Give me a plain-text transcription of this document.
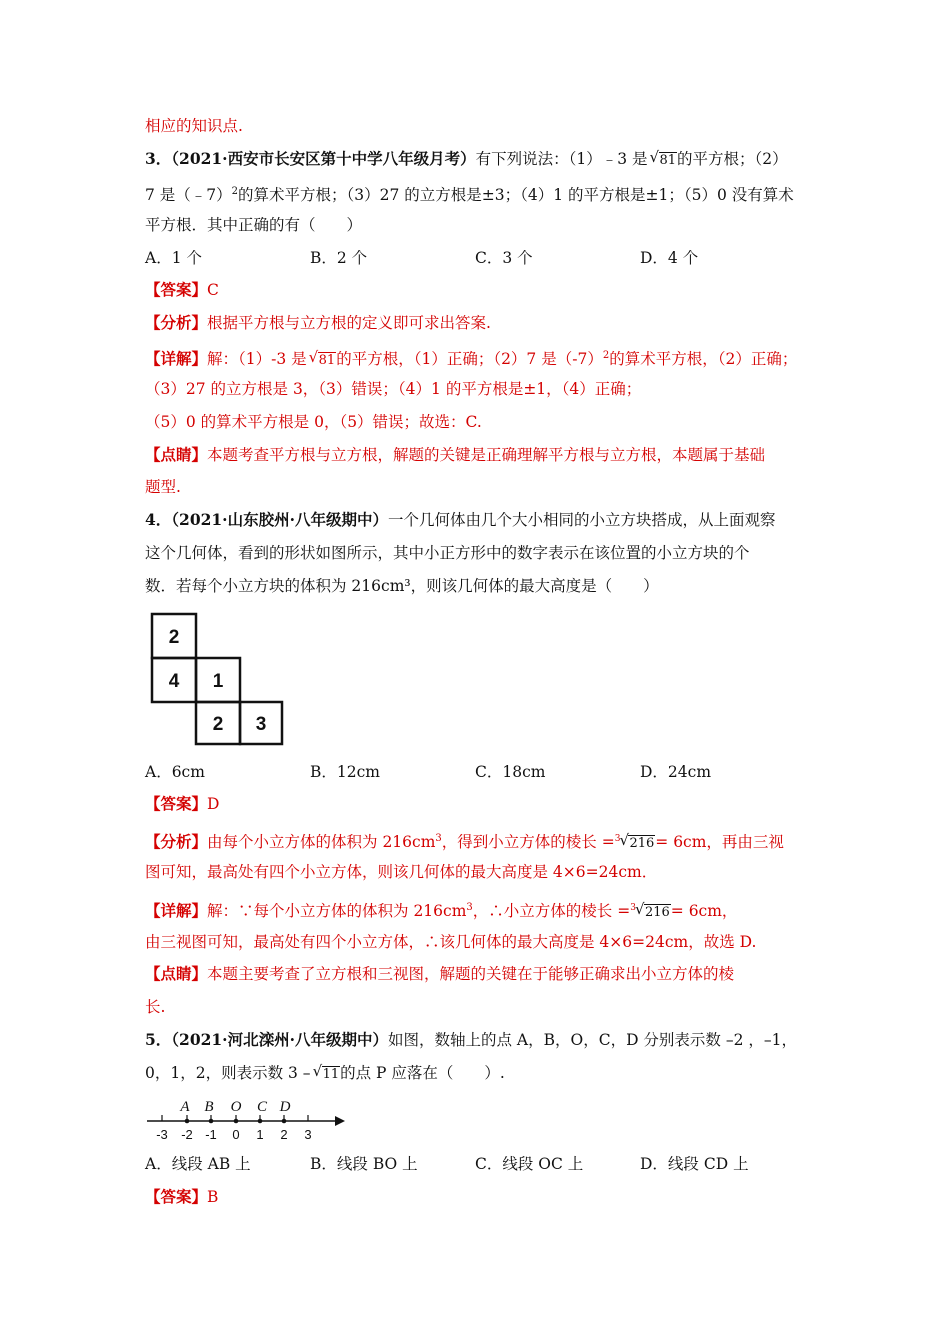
相应的知识点.
3．（2021·西安市长安区第十中学八年级月考）有下列说法：（1）﹣3 是 √ 81的平方根；（2）
7 是（﹣7）$^2$的算术平方根；（3）27 的立方根是±3；（4）1 的平方根是±1；（5）0 没有算术
平方根．其中正确的有（　　）
A．1 个	B．2 个	C．3 个	D．4 个
【答案】C
【分析】根据平方根与立方根的定义即可求出答案.
【详解】解：（1）-3 是 √ 81的平方根，（1）正确；（2）7 是$(-7)^2$的算术平方根，（2）正确；
（3）27 的立方根是 3，（3）错误；（4）1 的平方根是±1，（4）正确；
（5）0 的算术平方根是 0，（5）错误；故选：C.
【点睛】本题考查平方根与立方根，解题的关键是正确理解平方根与立方根，本题属于基础
题型.
4．（2021·山东胶州·八年级期中）一个几何体由几个大小相同的小立方块搭成，从上面观察
这个几何体，看到的形状如图所示，其中小正方形中的数字表示在该位置的小立方块的个
数．若每个小立方块的体积为 216cm³，则该几何体的最大高度是（　　）
2
4 1
2 3
A．6cm	B．12cm	C．18cm	D．24cm
【答案】D
【分析】由每个小立方体的体积为 $216cm^3$，得到小立方体的棱长 =$^3$ √ 216= 6cm，再由三视
图可知，最高处有四个小立方体，则该几何体的最大高度是 4×6=24cm．
【详解】解：∵每个小立方体的体积为 $216cm^3$，∴小立方体的棱长 =$^3$ √ 216= 6cm，
由三视图可知，最高处有四个小立方体，∴该几何体的最大高度是 4×6=24cm，故选 D.
【点睛】本题主要考查了立方根和三视图，解题的关键在于能够正确求出小立方体的棱
长.
5．（2021·河北滦州·八年级期中）如图，数轴上的点 A，B，O，C，D 分别表示数 –2 ，–1，
0，1，2，则表示数 3 – √ 11的点 P 应落在（　　）.
A B O C D
-3 -2 -1 0 1 2 3
A．线段 AB 上	B．线段 BO 上	C．线段 OC 上	D．线段 CD 上
【答案】B
